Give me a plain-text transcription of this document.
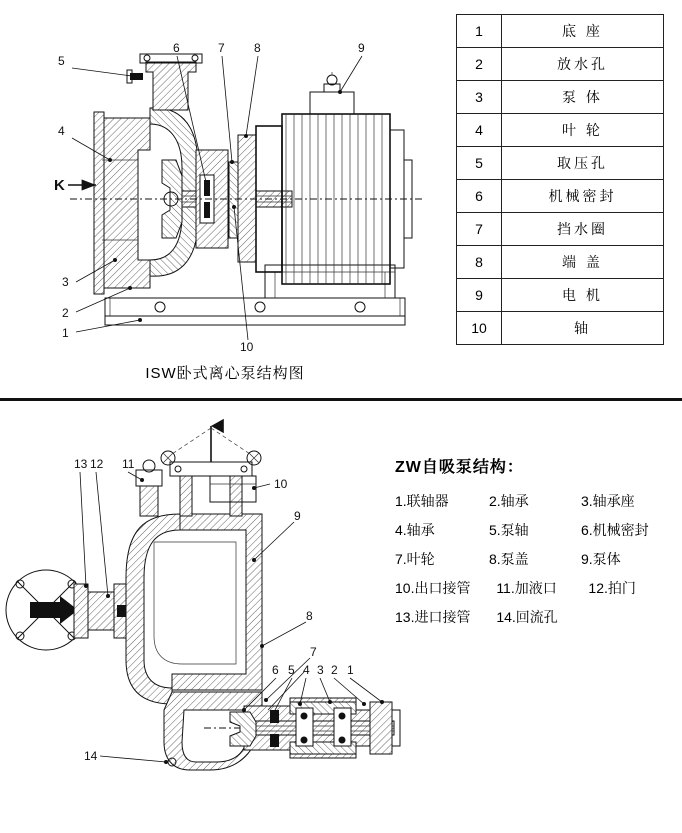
1
2
3
4
5
6	7 8	9
10
K
ISW卧式离心泵结构图
1	底 座
2	放水孔
3	泵 体
4	叶 轮
5	取压孔
6	机械密封
7	挡水圈
8	端 盖
9	电 机
10	轴
13 12 11
10
9
8
7
6 5 4 3 2 1
14
ZW自吸泵结构：
1.联轴器	2.轴承	3.轴承座
4.轴承	5.泵轴	6.机械密封
7.叶轮	8.泵盖	9.泵体
10.出口接管	11.加液口	12.拍门
13.进口接管	14.回流孔
